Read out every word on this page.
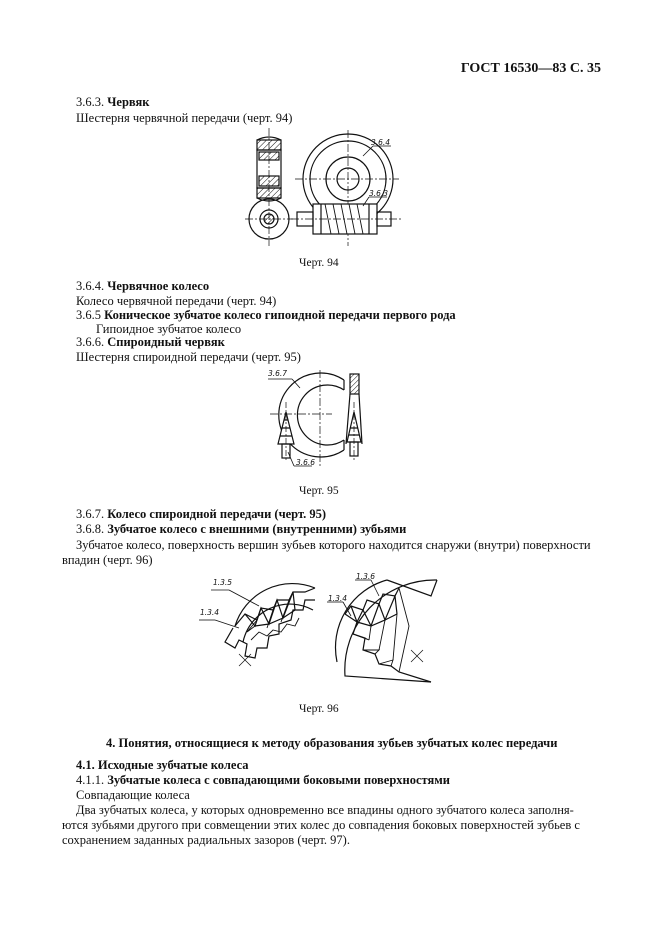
ГОСТ 16530—83 С. 35
3.6.3. Червяк
Шестерня червячной передачи (черт. 94)
3.6.4
3.6.3
Черт. 94
3.6.4. Червячное колесо
Колесо червячной передачи (черт. 94)
3.6.5 Коническое зубчатое колесо гипоидной передачи первого рода
Гипоидное зубчатое колесо
3.6.6. Спироидный червяк
Шестерня спироидной передачи (черт. 95)
3.6.7
3.6.6
Черт. 95
3.6.7. Колесо спироидной передачи (черт. 95)
3.6.8. Зубчатое колесо с внешними (внутренними) зубьями
Зубчатое колесо, поверхность вершин зубьев которого находится снаружи (внутри) поверхности
впадин (черт. 96)
1.3.5
1.3.4
1.3.6
1.3.4
Черт. 96
4. Понятия, относящиеся к методу образования зубьев зубчатых колес передачи
4.1. Исходные зубчатые колеса
4.1.1. Зубчатые колеса с совпадающими боковыми поверхностями
Совпадающие колеса
Два зубчатых колеса, у которых одновременно все впадины одного зубчатого колеса заполня-
ются зубьями другого при совмещении этих колес до совпадения боковых поверхностей зубьев с
сохранением заданных радиальных зазоров (черт. 97).
